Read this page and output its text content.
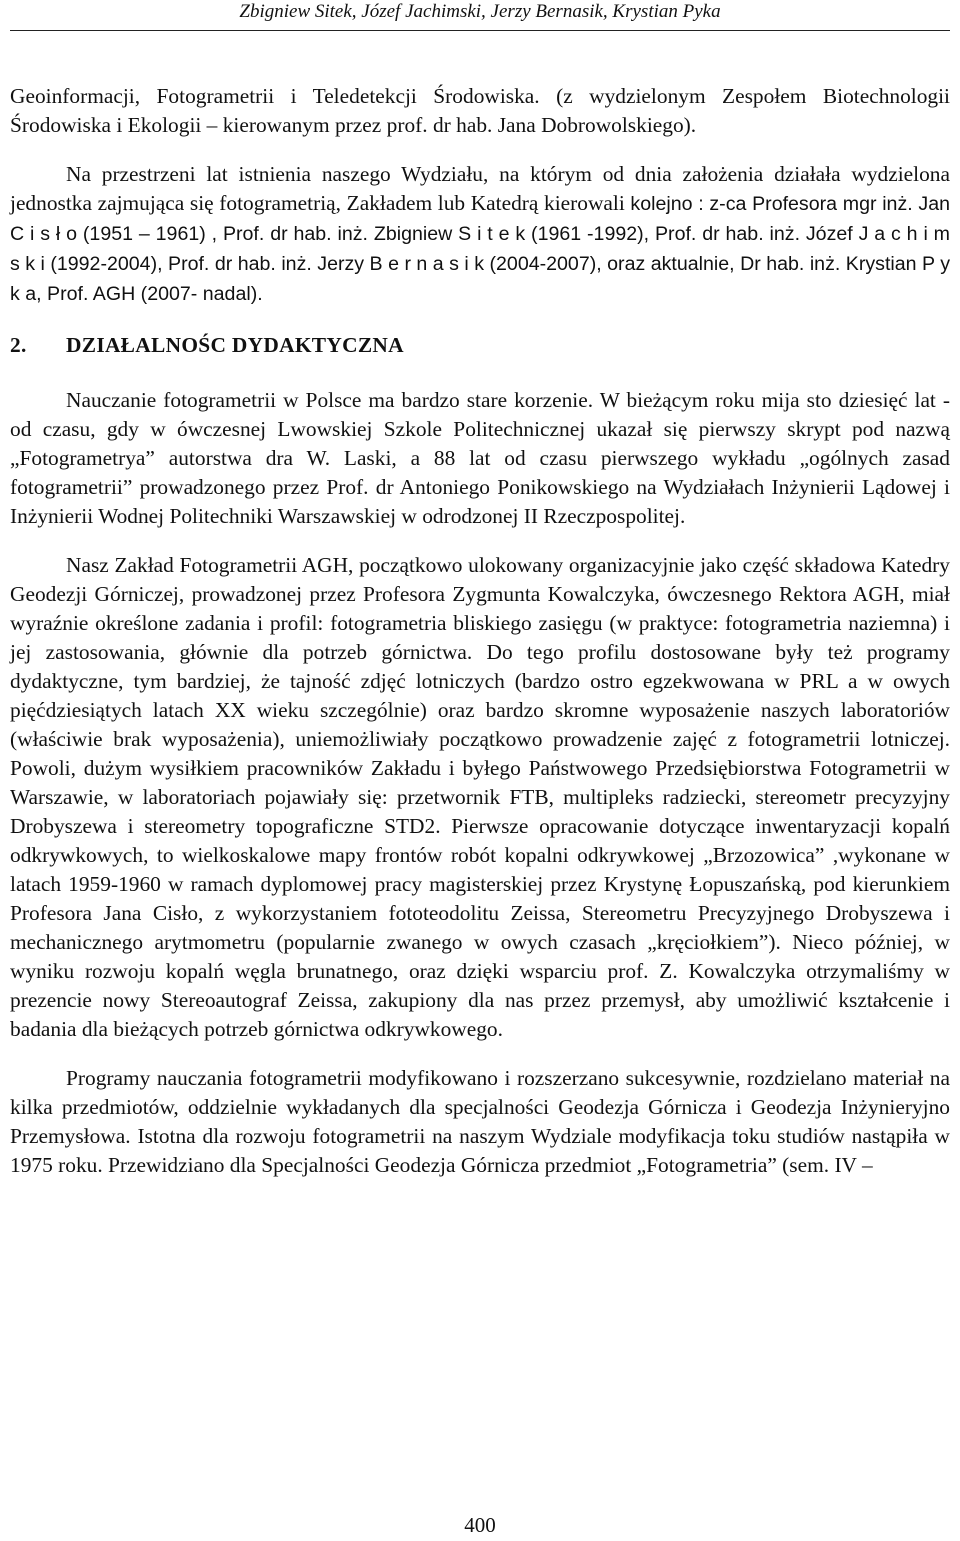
Zbigniew Sitek, Józef Jachimski, Jerzy Bernasik, Krystian Pyka

Geoinformacji, Fotogrametrii i Teledetekcji Środowiska. (z wydzielonym Zespołem Biotechnologii Środowiska i Ekologii – kierowanym przez prof. dr hab. Jana Dobrowolskiego).

Na przestrzeni lat istnienia naszego Wydziału, na którym od dnia założenia działała wydzielona jednostka zajmująca się fotogrametrią, Zakładem lub Katedrą kierowali kolejno : z-ca Profesora mgr inż. Jan C i s ł o (1951 – 1961) , Prof. dr hab. inż. Zbigniew S i t e k (1961 -1992), Prof. dr hab. inż. Józef J a c h i m s k i (1992-2004), Prof. dr hab. inż. Jerzy B e r n a s i k (2004-2007), oraz aktualnie, Dr hab. inż. Krystian P y k a, Prof. AGH (2007- nadal).

2. DZIAŁALNOŚC DYDAKTYCZNA

Nauczanie fotogrametrii w Polsce ma bardzo stare korzenie. W bieżącym roku mija sto dziesięć lat - od czasu, gdy w ówczesnej Lwowskiej Szkole Politechnicznej ukazał się pierwszy skrypt pod nazwą „Fotogrametrya” autorstwa dra W. Laski, a 88 lat od czasu pierwszego wykładu „ogólnych zasad fotogrametrii” prowadzonego przez Prof. dr Antoniego Ponikowskiego na Wydziałach Inżynierii Lądowej i Inżynierii Wodnej Politechniki Warszawskiej w odrodzonej II Rzeczpospolitej.

Nasz Zakład Fotogrametrii AGH, początkowo ulokowany organizacyjnie jako część składowa Katedry Geodezji Górniczej, prowadzonej przez Profesora Zygmunta Kowalczyka, ówczesnego Rektora AGH, miał wyraźnie określone zadania i profil: fotogrametria bliskiego zasięgu (w praktyce: fotogrametria naziemna) i jej zastosowania, głównie dla potrzeb górnictwa. Do tego profilu dostosowane były też programy dydaktyczne, tym bardziej, że tajność zdjęć lotniczych (bardzo ostro egzekwowana w PRL a w owych pięćdziesiątych latach XX wieku szczególnie) oraz bardzo skromne wyposażenie naszych laboratoriów (właściwie brak wyposażenia), uniemożliwiały początkowo prowadzenie zajęć z fotogrametrii lotniczej. Powoli, dużym wysiłkiem pracowników Zakładu i byłego Państwowego Przedsiębiorstwa Fotogrametrii w Warszawie, w laboratoriach pojawiały się: przetwornik FTB, multipleks radziecki, stereometr precyzyjny Drobyszewa i stereometry topograficzne STD2. Pierwsze opracowanie dotyczące inwentaryzacji kopalń odkrywkowych, to wielkoskalowe mapy frontów robót kopalni odkrywkowej „Brzozowica” ,wykonane w latach 1959-1960 w ramach dyplomowej pracy magisterskiej przez Krystynę Łopuszańską, pod kierunkiem Profesora Jana Cisło, z wykorzystaniem fototeodolitu Zeissa, Stereometru Precyzyjnego Drobyszewa i mechanicznego arytmometru (popularnie zwanego w owych czasach „kręciołkiem”). Nieco później, w wyniku rozwoju kopalń węgla brunatnego, oraz dzięki wsparciu prof. Z. Kowalczyka otrzymaliśmy w prezencie nowy Stereoautograf Zeissa, zakupiony dla nas przez przemysł, aby umożliwić kształcenie i badania dla bieżących potrzeb górnictwa odkrywkowego.

Programy nauczania fotogrametrii modyfikowano i rozszerzano sukcesywnie, rozdzielano materiał na kilka przedmiotów, oddzielnie wykładanych dla specjalności Geodezja Górnicza i Geodezja Inżynieryjno Przemysłowa. Istotna dla rozwoju fotogrametrii na naszym Wydziale modyfikacja toku studiów nastąpiła w 1975 roku. Przewidziano dla Specjalności Geodezja Górnicza przedmiot „Fotogrametria” (sem. IV –

400
